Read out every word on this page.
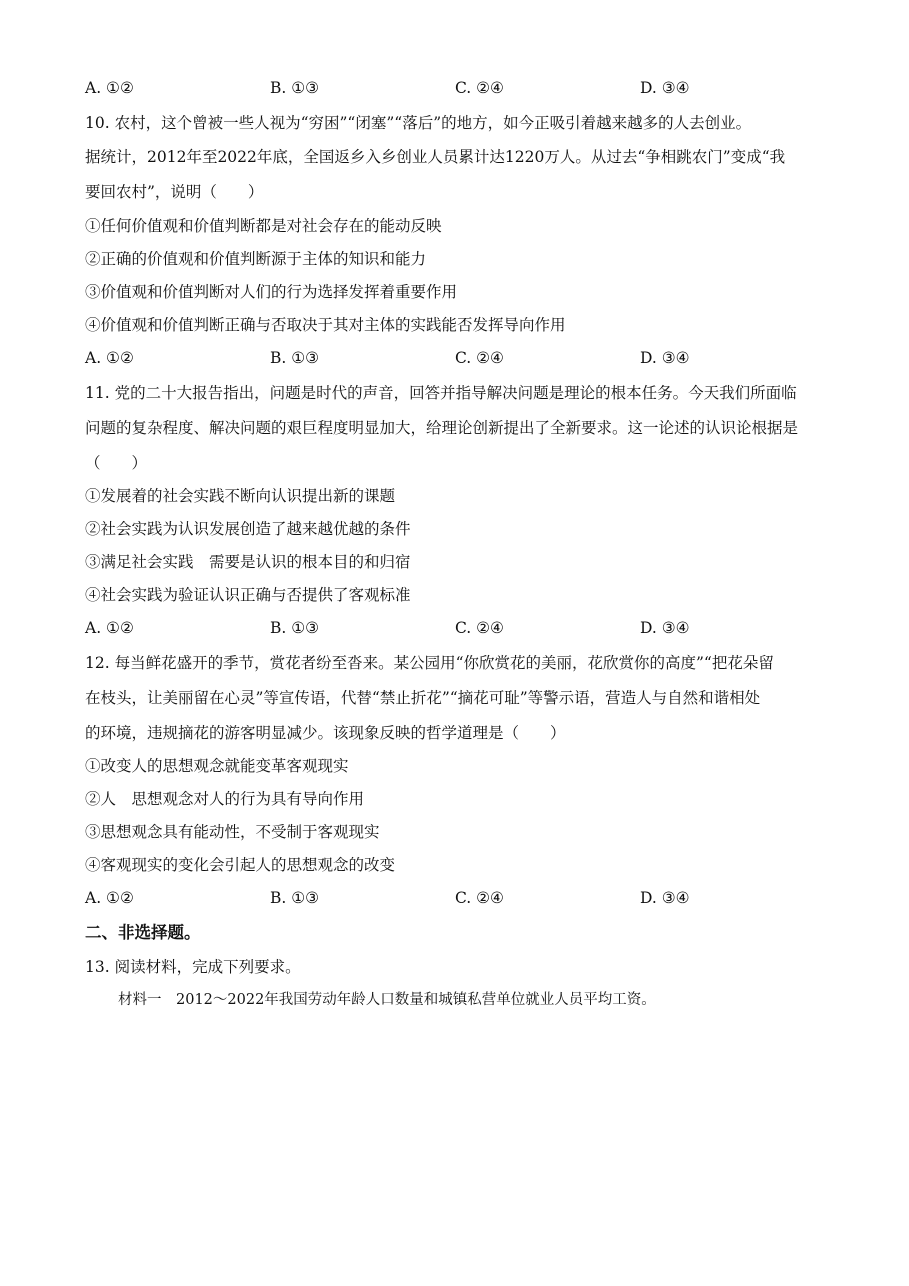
A. ①②	B. ①③	C. ②④	D. ③④
10. 农村，这个曾被一些人视为“穷困”“闭塞”“落后”的地方，如今正吸引着越来越多的人去创业。
据统计，2012年至2022年底，全国返乡入乡创业人员累计达1220万人。从过去“争相跳农门”变成“我
要回农村”，说明（　　）
①任何价值观和价值判断都是对社会存在的能动反映
②正确的价值观和价值判断源于主体的知识和能力
③价值观和价值判断对人们的行为选择发挥着重要作用
④价值观和价值判断正确与否取决于其对主体的实践能否发挥导向作用
A. ①②	B. ①③	C. ②④	D. ③④
11. 党的二十大报告指出，问题是时代的声音，回答并指导解决问题是理论的根本任务。今天我们所面临
问题的复杂程度、解决问题的艰巨程度明显加大，给理论创新提出了全新要求。这一论述的认识论根据是
（　　）
①发展着的社会实践不断向认识提出新的课题
②社会实践为认识发展创造了越来越优越的条件
③满足社会实践　需要是认识的根本目的和归宿
④社会实践为验证认识正确与否提供了客观标准
A. ①②	B. ①③	C. ②④	D. ③④
12. 每当鲜花盛开的季节，赏花者纷至沓来。某公园用“你欣赏花的美丽，花欣赏你的高度”“把花朵留
在枝头，让美丽留在心灵”等宣传语，代替“禁止折花”“摘花可耻”等警示语，营造人与自然和谐相处
的环境，违规摘花的游客明显减少。该现象反映的哲学道理是（　　）
①改变人的思想观念就能变革客观现实
②人　思想观念对人的行为具有导向作用
③思想观念具有能动性，不受制于客观现实
④客观现实的变化会引起人的思想观念的改变
A. ①②	B. ①③	C. ②④	D. ③④
二、非选择题。
13. 阅读材料，完成下列要求。
材料一　2012～2022年我国劳动年龄人口数量和城镇私营单位就业人员平均工资。
